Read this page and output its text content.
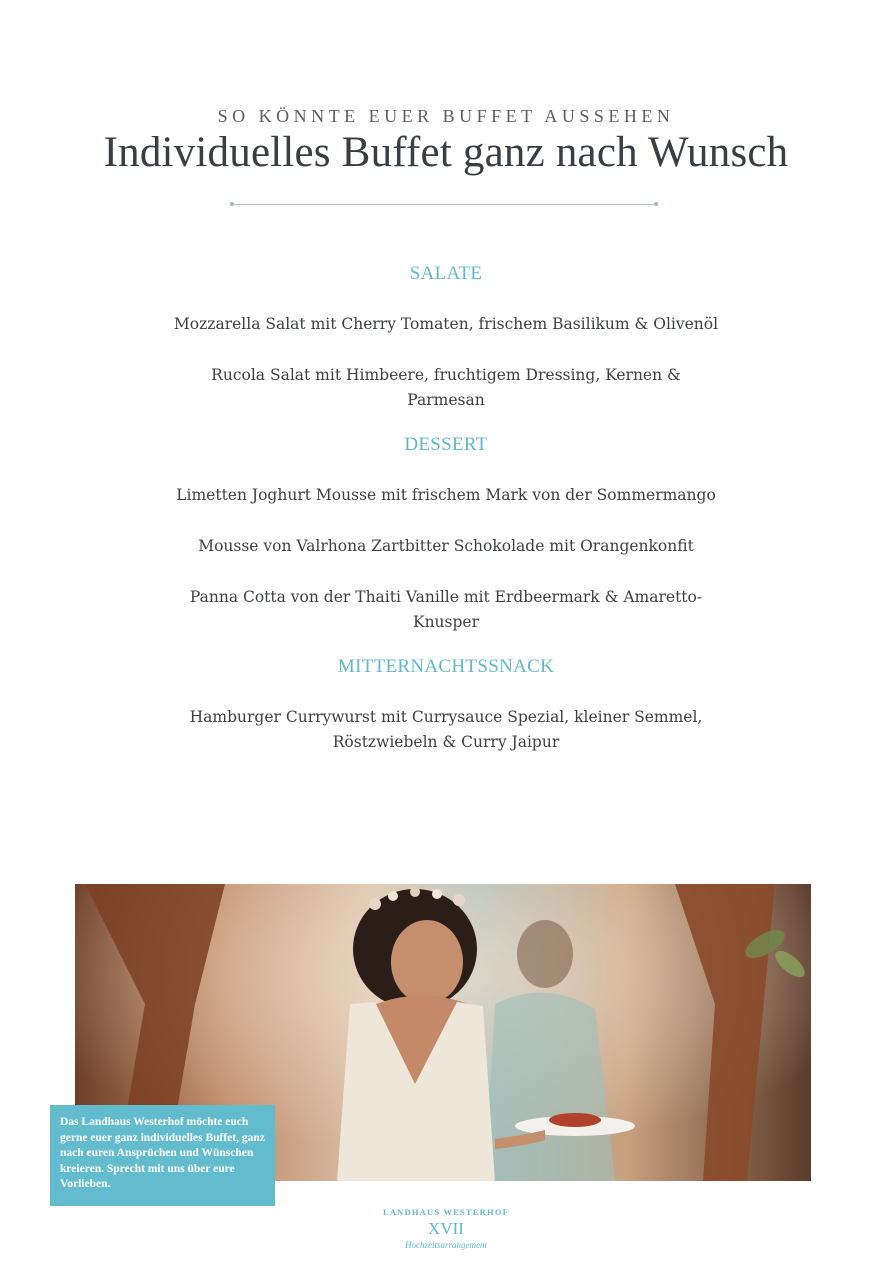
SO KÖNNTE EUER BUFFET AUSSEHEN
Individuelles Buffet ganz nach Wunsch
SALATE
Mozzarella Salat mit Cherry Tomaten, frischem Basilikum & Olivenöl
Rucola Salat mit Himbeere, fruchtigem Dressing, Kernen & Parmesan
DESSERT
Limetten Joghurt Mousse mit frischem Mark von der Sommermango
Mousse von Valrhona Zartbitter Schokolade mit Orangenkonfit
Panna Cotta von der Thaiti Vanille mit Erdbeermark & Amaretto-Knusper
MITTERNACHTSSNACK
Hamburger Currywurst mit Currysauce Spezial, kleiner Semmel, Röstzwiebeln & Curry Jaipur
Das Landhaus Westerhof möchte euch gerne euer ganz individuelles Buffet, ganz nach euren Ansprüchen und Wünschen kreieren. Sprecht mit uns über eure Vorlieben.
LANDHAUS WESTERHOF
XVII
Hochzeitsarrangement
